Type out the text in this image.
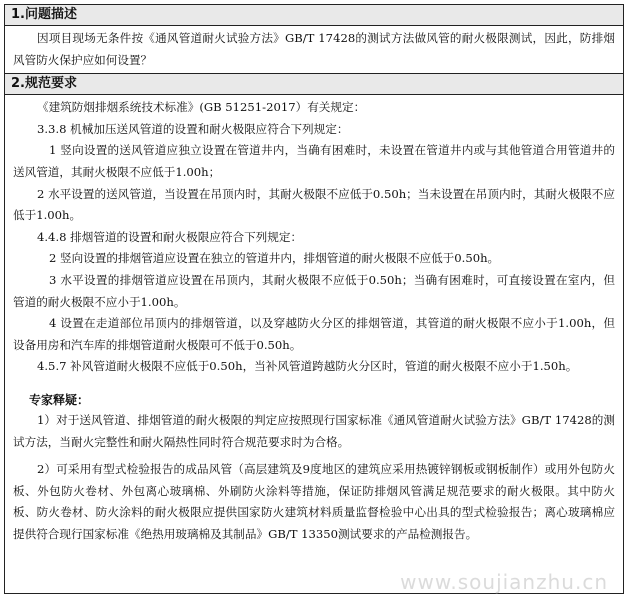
1.问题描述

因项目现场无条件按《通风管道耐火试验方法》GB/T 17428的测试方法做风管的耐火极限测试，因此，防排烟风管防火保护应如何设置？

2.规范要求

《建筑防烟排烟系统技术标准》(GB 51251-2017）有关规定：

3.3.8 机械加压送风管道的设置和耐火极限应符合下列规定：

1 竖向设置的送风管道应独立设置在管道井内，当确有困难时，未设置在管道井内或与其他管道合用管道井的送风管道，其耐火极限不应低于1.00h；

2 水平设置的送风管道，当设置在吊顶内时，其耐火极限不应低于0.50h；当未设置在吊顶内时，其耐火极限不应低于1.00h。

4.4.8 排烟管道的设置和耐火极限应符合下列规定：

2 竖向设置的排烟管道应设置在独立的管道井内，排烟管道的耐火极限不应低于0.50h。

3 水平设置的排烟管道应设置在吊顶内，其耐火极限不应低于0.50h；当确有困难时，可直接设置在室内，但管道的耐火极限不应小于1.00h。

4 设置在走道部位吊顶内的排烟管道，以及穿越防火分区的排烟管道，其管道的耐火极限不应小于1.00h，但设备用房和汽车库的排烟管道耐火极限可不低于0.50h。

4.5.7 补风管道耐火极限不应低于0.50h，当补风管道跨越防火分区时，管道的耐火极限不应小于1.50h。

专家释疑：

1）对于送风管道、排烟管道的耐火极限的判定应按照现行国家标准《通风管道耐火试验方法》GB/T 17428的测试方法，当耐火完整性和耐火隔热性同时符合规范要求时为合格。

2）可采用有型式检验报告的成品风管（高层建筑及9度地区的建筑应采用热镀锌钢板或钢板制作）或用外包防火板、外包防火卷材、外包离心玻璃棉、外刷防火涂料等措施，保证防排烟风管满足规范要求的耐火极限。其中防火板、防火卷材、防火涂料的耐火极限应提供国家防火建筑材料质量监督检验中心出具的型式检验报告；离心玻璃棉应提供符合现行国家标准《绝热用玻璃棉及其制品》GB/T 13350测试要求的产品检测报告。

www.soujianzhu.cn
